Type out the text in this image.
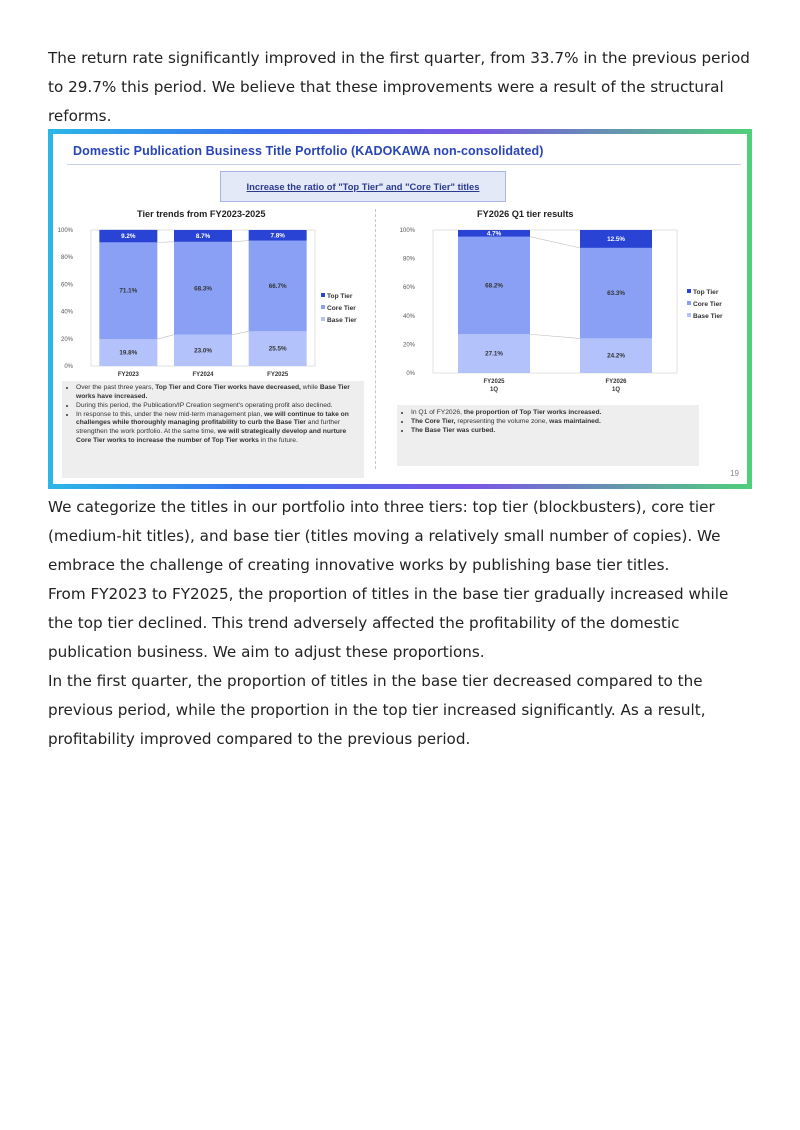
The return rate significantly improved in the first quarter, from 33.7% in the previous period to 29.7% this period. We believe that these improvements were a result of the structural reforms.

Domestic Publication Business Title Portfolio (KADOKAWA non-consolidated)
Increase the ratio of "Top Tier" and "Core Tier" titles
Tier trends from FY2023-2025	FY2026 Q1 tier results
0%
20%
40%
60%
80%
100%
19.8%
71.1%
9.2%
FY2023
23.0%
68.3%
8.7%
FY2024
25.5%
66.7%
7.8%
FY2025
Top Tier
Core Tier
Base Tier
0%
20%
40%
60%
80%
100%
27.1%
68.2%
4.7%
FY2025
1Q
24.2%
63.3%
12.5%
FY2026
1Q
Top Tier
Core Tier
Base Tier
• Over the past three years, Top Tier and Core Tier works have decreased, while Base Tier works have increased.
• During this period, the Publication/IP Creation segment's operating profit also declined.
• In response to this, under the new mid-term management plan, we will continue to take on challenges while thoroughly managing profitability to curb the Base Tier and further strengthen the work portfolio. At the same time, we will strategically develop and nurture Core Tier works to increase the number of Top Tier works in the future.
• In Q1 of FY2026, the proportion of Top Tier works increased.
• The Core Tier, representing the volume zone, was maintained.
• The Base Tier was curbed.
19
We categorize the titles in our portfolio into three tiers: top tier (blockbusters), core tier (medium-hit titles), and base tier (titles moving a relatively small number of copies). We embrace the challenge of creating innovative works by publishing base tier titles.
From FY2023 to FY2025, the proportion of titles in the base tier gradually increased while the top tier declined. This trend adversely affected the profitability of the domestic publication business. We aim to adjust these proportions.
In the first quarter, the proportion of titles in the base tier decreased compared to the previous period, while the proportion in the top tier increased significantly. As a result, profitability improved compared to the previous period.
